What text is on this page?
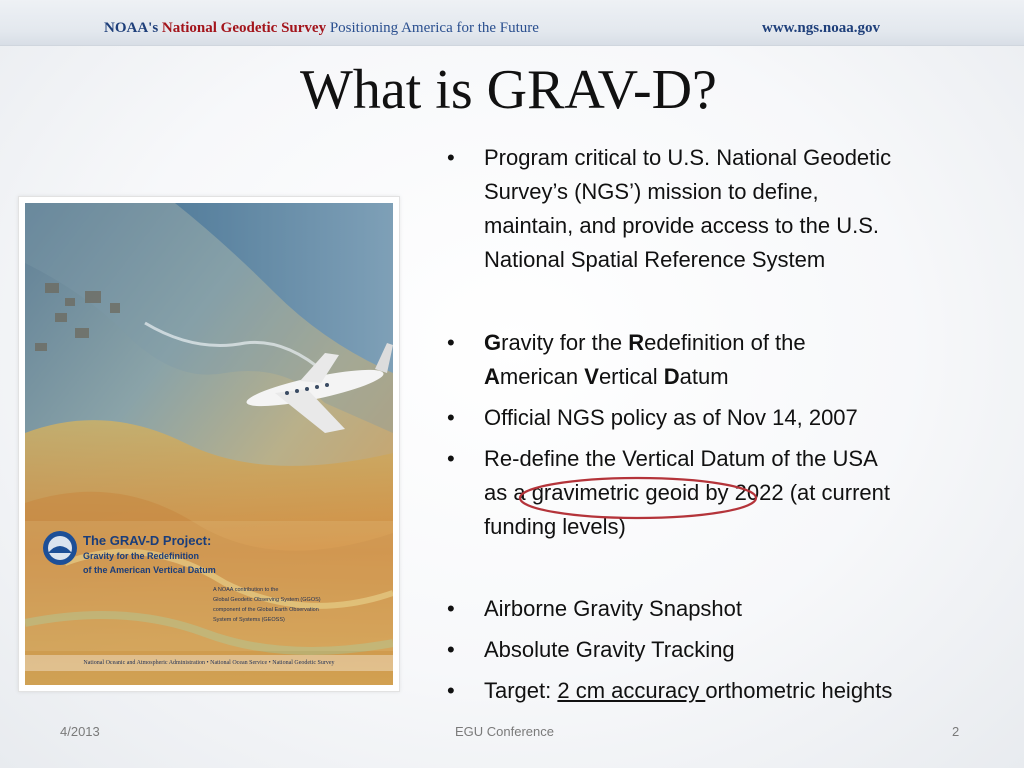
NOAA's National Geodetic Survey Positioning America for the Future	www.ngs.noaa.gov
What is GRAV-D?
The GRAV-D Project:
Gravity for the Redefinition
of the American Vertical Datum
A NOAA contribution to the
Global Geodetic Observing System (GGOS)
component of the Global Earth Observation
System of Systems (GEOSS)
National Oceanic and Atmospheric Administration • National Ocean Service • National Geodetic Survey
•	Program critical to U.S. National Geodetic
Survey’s (NGS’) mission to define,
maintain, and provide access to the U.S.
National Spatial Reference System
•	Gravity for the Redefinition of the
American Vertical Datum
•	Official NGS policy as of Nov 14, 2007
•	Re-define the Vertical Datum of the USA
as a gravimetric geoid by 2022 (at current
funding levels)
•	Airborne Gravity Snapshot
•	Absolute Gravity Tracking
•	Target: 2 cm accuracy orthometric heights
4/2013	EGU Conference	2
